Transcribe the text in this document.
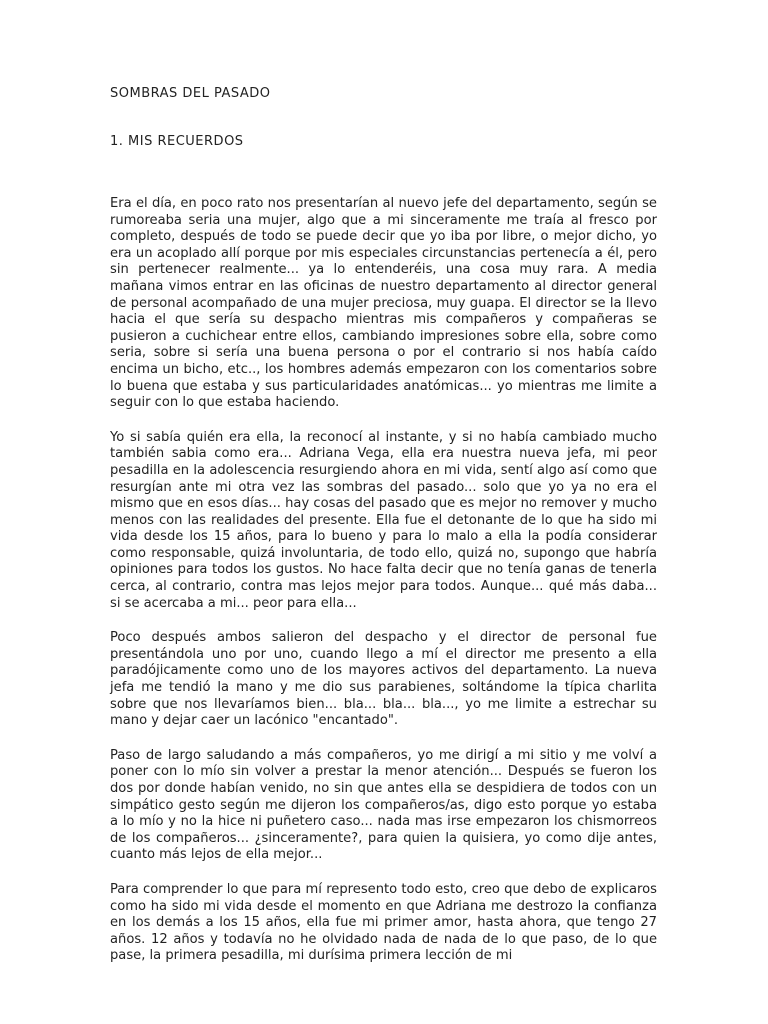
SOMBRAS DEL PASADO
1. MIS RECUERDOS

Era el día, en poco rato nos presentarían al nuevo jefe del departamento, según se rumoreaba seria una mujer, algo que a mi sinceramente me traía al fresco por completo, después de todo se puede decir que yo iba por libre, o mejor dicho, yo era un acoplado allí porque por mis especiales circunstancias pertenecía a él, pero sin pertenecer realmente... ya lo entenderéis, una cosa muy rara. A media mañana vimos entrar en las oficinas de nuestro departamento al director general de personal acompañado de una mujer preciosa, muy guapa. El director se la llevo hacia el que sería su despacho mientras mis compañeros y compañeras se pusieron a cuchichear entre ellos, cambiando impresiones sobre ella, sobre como seria, sobre si sería una buena persona o por el contrario si nos había caído encima un bicho, etc.., los hombres además empezaron con los comentarios sobre lo buena que estaba y sus particularidades anatómicas... yo mientras me limite a seguir con lo que estaba haciendo.

Yo si sabía quién era ella, la reconocí al instante, y si no había cambiado mucho también sabia como era... Adriana Vega, ella era nuestra nueva jefa, mi peor pesadilla en la adolescencia resurgiendo ahora en mi vida, sentí algo así como que resurgían ante mi otra vez las sombras del pasado... solo que yo ya no era el mismo que en esos días... hay cosas del pasado que es mejor no remover y mucho menos con las realidades del presente. Ella fue el detonante de lo que ha sido mi vida desde los 15 años, para lo bueno y para lo malo a ella la podía considerar como responsable, quizá involuntaria, de todo ello, quizá no, supongo que habría opiniones para todos los gustos. No hace falta decir que no tenía ganas de tenerla cerca, al contrario, contra mas lejos mejor para todos. Aunque... qué más daba... si se acercaba a mi... peor para ella...

Poco después ambos salieron del despacho y el director de personal fue presentándola uno por uno, cuando llego a mí el director me presento a ella paradójicamente como uno de los mayores activos del departamento. La nueva jefa me tendió la mano y me dio sus parabienes, soltándome la típica charlita sobre que nos llevaríamos bien... bla... bla... bla..., yo me limite a estrechar su mano y dejar caer un lacónico "encantado".

Paso de largo saludando a más compañeros, yo me dirigí a mi sitio y me volví a poner con lo mío sin volver a prestar la menor atención... Después se fueron los dos por donde habían venido, no sin que antes ella se despidiera de todos con un simpático gesto según me dijeron los compañeros/as, digo esto porque yo estaba a lo mío y no la hice ni puñetero caso... nada mas irse empezaron los chismorreos de los compañeros... ¿sinceramente?, para quien la quisiera, yo como dije antes, cuanto más lejos de ella mejor...

Para comprender lo que para mí represento todo esto, creo que debo de explicaros como ha sido mi vida desde el momento en que Adriana me destrozo la confianza en los demás a los 15 años, ella fue mi primer amor, hasta ahora, que tengo 27 años. 12 años y todavía no he olvidado nada de nada de lo que paso, de lo que pase, la primera pesadilla, mi durísima primera lección de mi
